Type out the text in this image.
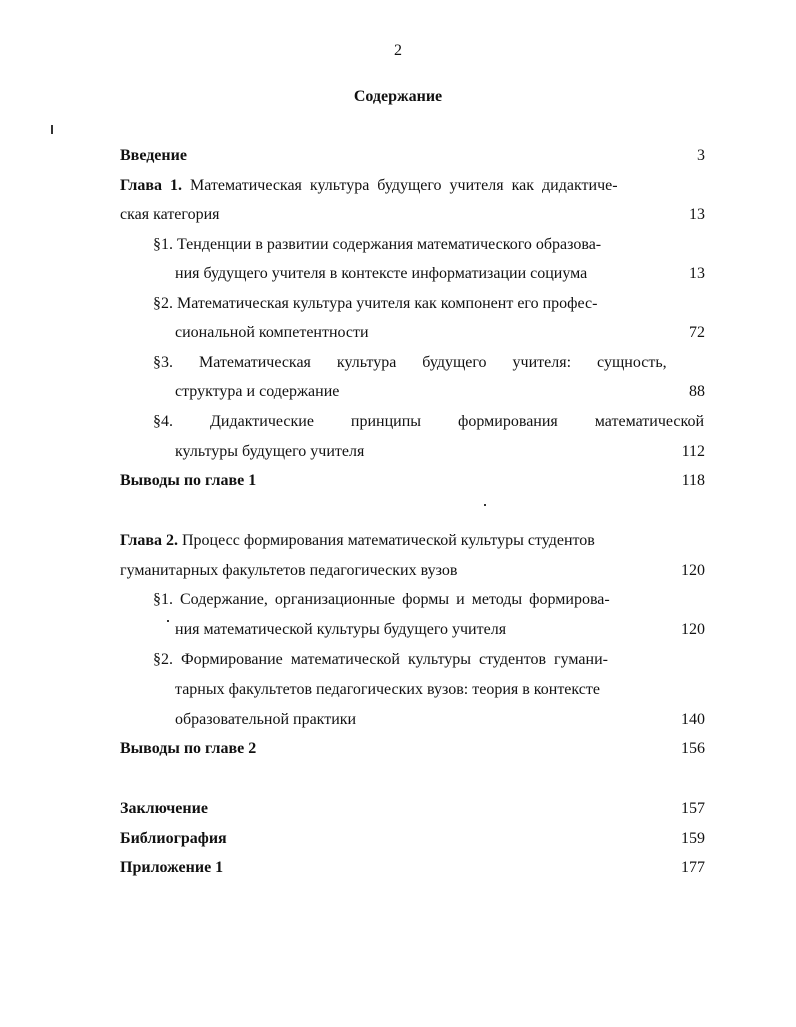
2
Содержание
Введение	3
Глава 1. Математическая культура будущего учителя как дидактиче-
ская категория	13
§1. Тенденции в развитии содержания математического образова-
ния будущего учителя в контексте информатизации социума	13
§2. Математическая культура учителя как компонент его профес-
сиональной компетентности	72
§3. Математическая культура будущего учителя: сущность,
структура и содержание	88
§4. Дидактические принципы формирования математической
культуры будущего учителя	112
Выводы по главе 1	118
Глава 2. Процесс формирования математической культуры студентов
гуманитарных факультетов педагогических вузов	120
§1. Содержание, организационные формы и методы формирова-
ния математической культуры будущего учителя	120
§2. Формирование математической культуры студентов гумани-
тарных факультетов педагогических вузов: теория в контексте
образовательной практики	140
Выводы по главе 2	156
Заключение	157
Библиография	159
Приложение 1	177
